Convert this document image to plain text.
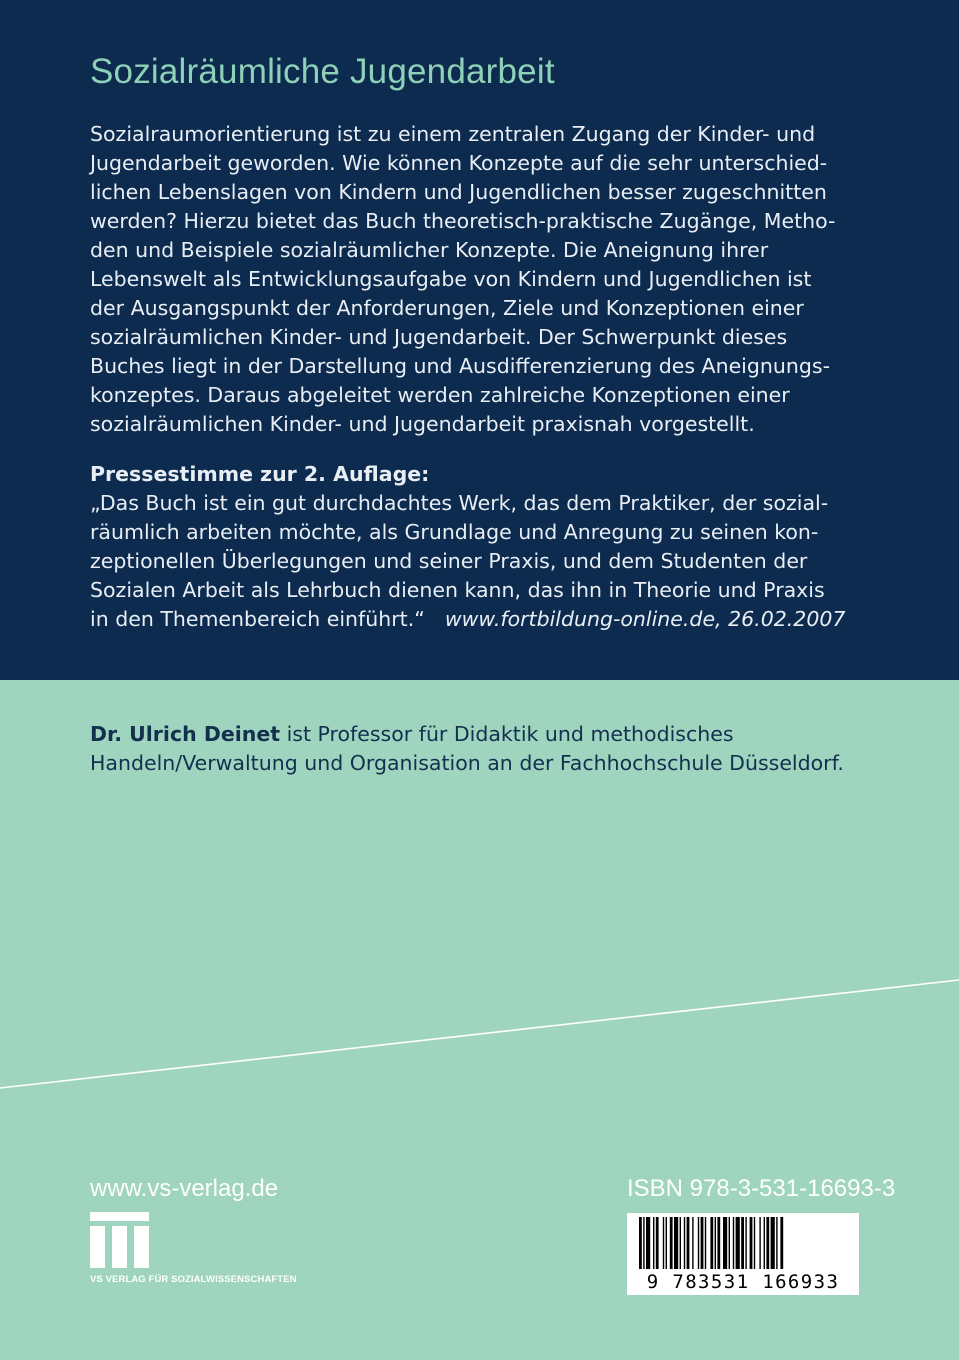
Sozialräumliche Jugendarbeit

Sozialraumorientierung ist zu einem zentralen Zugang der Kinder- und
Jugendarbeit geworden. Wie können Konzepte auf die sehr unterschied-
lichen Lebenslagen von Kindern und Jugendlichen besser zugeschnitten
werden? Hierzu bietet das Buch theoretisch-praktische Zugänge, Metho-
den und Beispiele sozialräumlicher Konzepte. Die Aneignung ihrer
Lebenswelt als Entwicklungsaufgabe von Kindern und Jugendlichen ist
der Ausgangspunkt der Anforderungen, Ziele und Konzeptionen einer
sozialräumlichen Kinder- und Jugendarbeit. Der Schwerpunkt dieses
Buches liegt in der Darstellung und Ausdifferenzierung des Aneignungs-
konzeptes. Daraus abgeleitet werden zahlreiche Konzeptionen einer
sozialräumlichen Kinder- und Jugendarbeit praxisnah vorgestellt.

Pressestimme zur 2. Auflage:
„Das Buch ist ein gut durchdachtes Werk, das dem Praktiker, der sozial-
räumlich arbeiten möchte, als Grundlage und Anregung zu seinen kon-
zeptionellen Überlegungen und seiner Praxis, und dem Studenten der
Sozialen Arbeit als Lehrbuch dienen kann, das ihn in Theorie und Praxis
in den Themenbereich einführt.“ www.fortbildung-online.de, 26.02.2007
Dr. Ulrich Deinet ist Professor für Didaktik und methodisches
Handeln/Verwaltung und Organisation an der Fachhochschule Düsseldorf.
www.vs-verlag.de
VS VERLAG FÜR SOZIALWISSENSCHAFTEN
ISBN 978-3-531-16693-3
9 783531 166933
